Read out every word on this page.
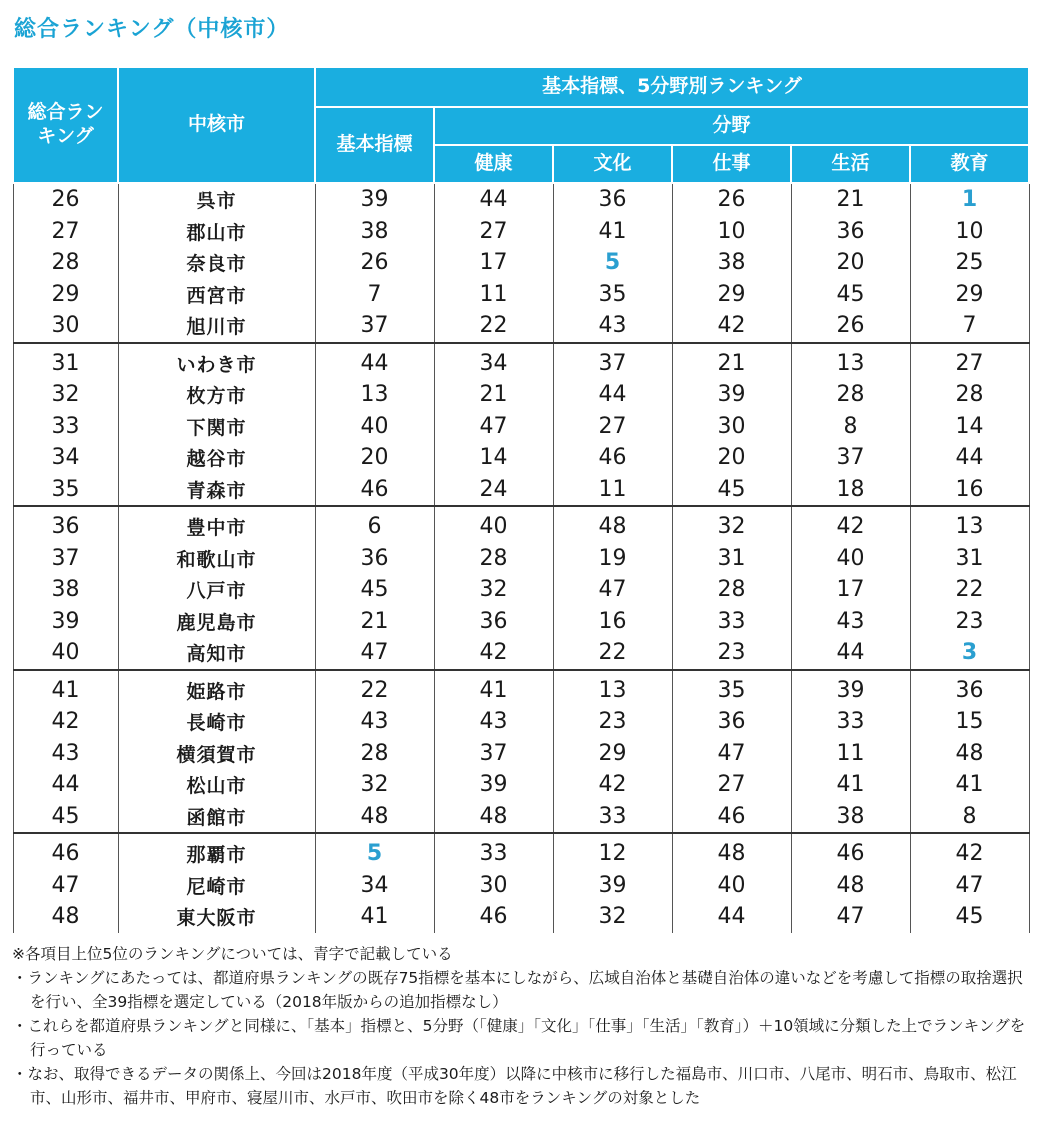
総合ランキング（中核市）
総合ランキング	中核市	基本指標、5分野別ランキング					
		基本指標	分野				
			健康	文化	仕事	生活	教育
26	呉市	39	44	36	26	21	1
27	郡山市	38	27	41	10	36	10
28	奈良市	26	17	5	38	20	25
29	西宮市	7	11	35	29	45	29
30	旭川市	37	22	43	42	26	7
31	いわき市	44	34	37	21	13	27
32	枚方市	13	21	44	39	28	28
33	下関市	40	47	27	30	8	14
34	越谷市	20	14	46	20	37	44
35	青森市	46	24	11	45	18	16
36	豊中市	6	40	48	32	42	13
37	和歌山市	36	28	19	31	40	31
38	八戸市	45	32	47	28	17	22
39	鹿児島市	21	36	16	33	43	23
40	高知市	47	42	22	23	44	3
41	姫路市	22	41	13	35	39	36
42	長崎市	43	43	23	36	33	15
43	横須賀市	28	37	29	47	11	48
44	松山市	32	39	42	27	41	41
45	函館市	48	48	33	46	38	8
46	那覇市	5	33	12	48	46	42
47	尼崎市	34	30	39	40	48	47
48	東大阪市	41	46	32	44	47	45

※各項目上位5位のランキングについては、青字で記載している

・ランキングにあたっては、都道府県ランキングの既存75指標を基本にしながら、広域自治体と基礎自治体の違いなどを考慮して指標の取捨選択を行い、全39指標を選定している（2018年版からの追加指標なし）

・これらを都道府県ランキングと同様に、「基本」指標と、5分野（「健康」「文化」「仕事」「生活」「教育」）＋10領域に分類した上でランキングを行っている

・なお、取得できるデータの関係上、今回は2018年度（平成30年度）以降に中核市に移行した福島市、川口市、八尾市、明石市、鳥取市、松江市、山形市、福井市、甲府市、寝屋川市、水戸市、吹田市を除く48市をランキングの対象とした
